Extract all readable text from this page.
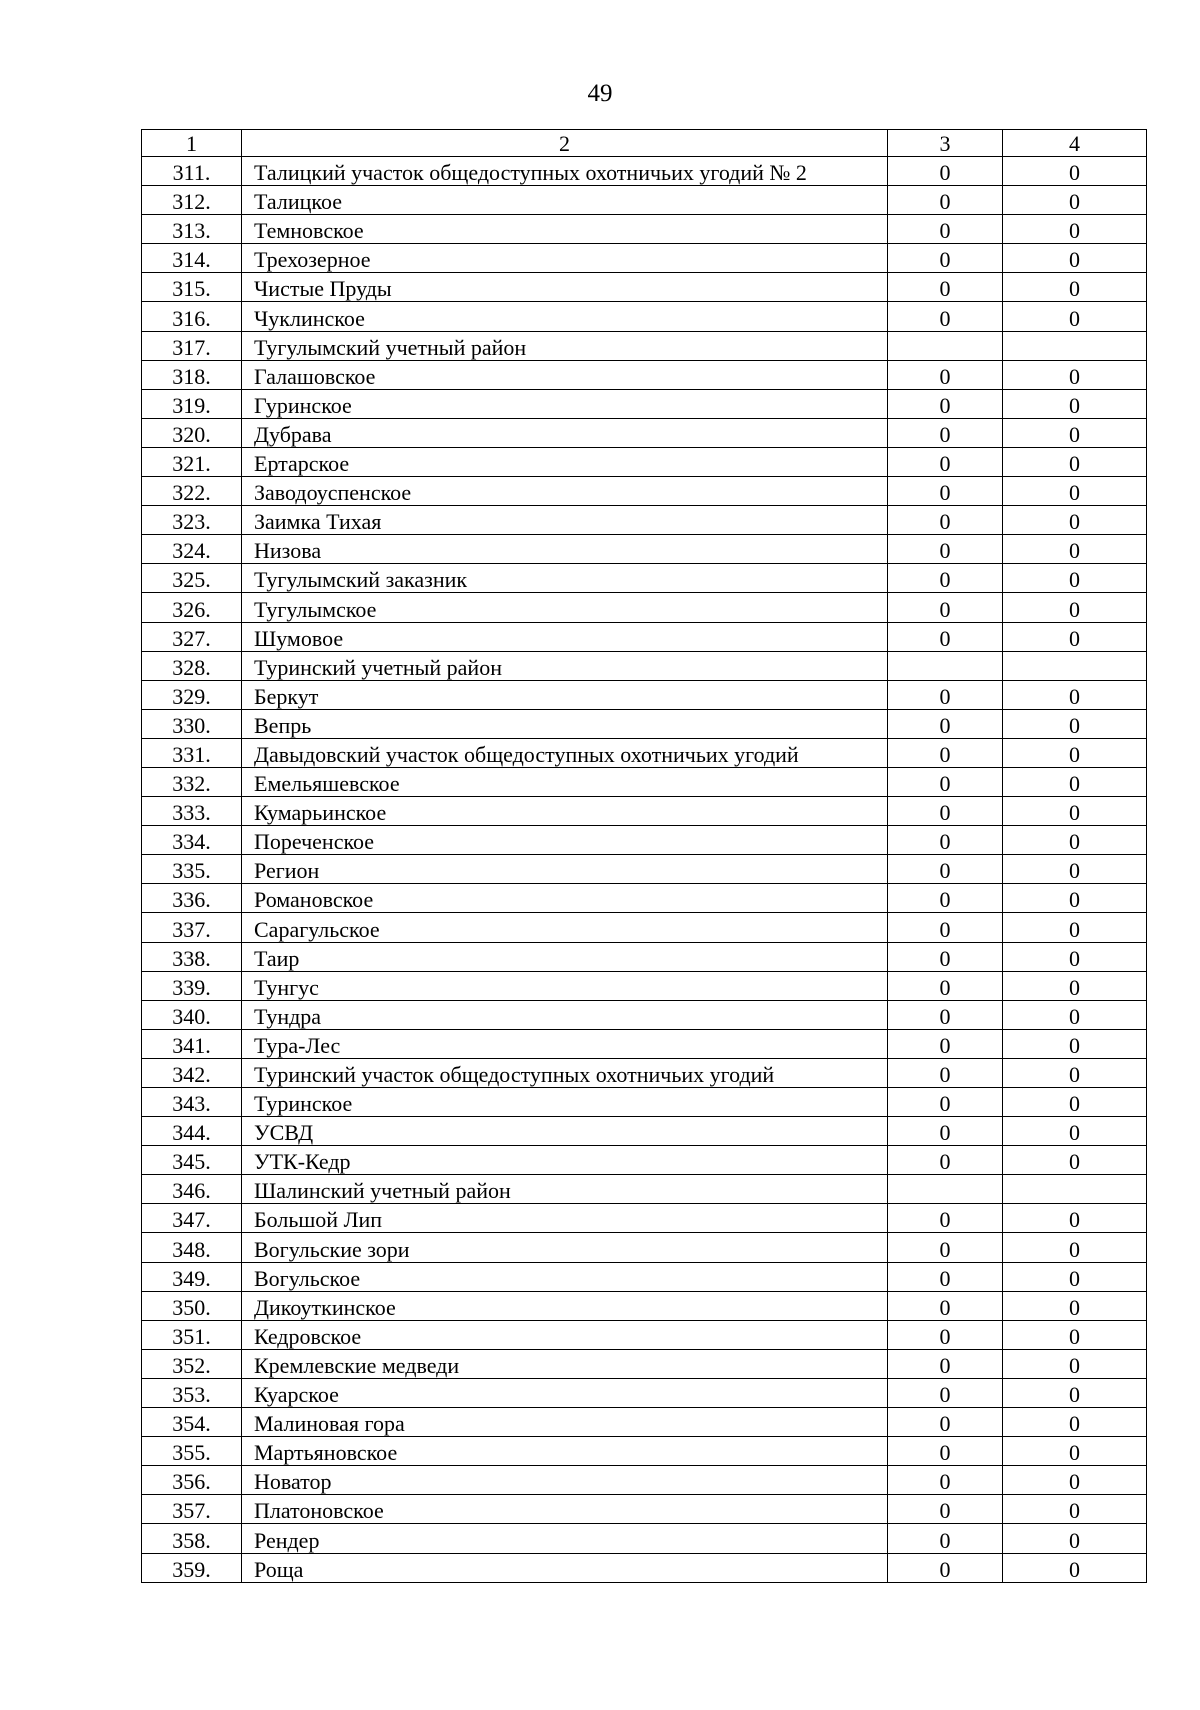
49
1	2	3	4
311.	Талицкий участок общедоступных охотничьих угодий № 2	0	0
312.	Талицкое	0	0
313.	Темновское	0	0
314.	Трехозерное	0	0
315.	Чистые Пруды	0	0
316.	Чуклинское	0	0
317.	Тугулымский учетный район		
318.	Галашовское	0	0
319.	Гуринское	0	0
320.	Дубрава	0	0
321.	Ертарское	0	0
322.	Заводоуспенское	0	0
323.	Заимка Тихая	0	0
324.	Низова	0	0
325.	Тугулымский заказник	0	0
326.	Тугулымское	0	0
327.	Шумовое	0	0
328.	Туринский учетный район		
329.	Беркут	0	0
330.	Вепрь	0	0
331.	Давыдовский участок общедоступных охотничьих угодий	0	0
332.	Емельяшевское	0	0
333.	Кумарьинское	0	0
334.	Пореченское	0	0
335.	Регион	0	0
336.	Романовское	0	0
337.	Сарагульское	0	0
338.	Таир	0	0
339.	Тунгус	0	0
340.	Тундра	0	0
341.	Тура-Лес	0	0
342.	Туринский участок общедоступных охотничьих угодий	0	0
343.	Туринское	0	0
344.	УСВД	0	0
345.	УТК-Кедр	0	0
346.	Шалинский учетный район		
347.	Большой Лип	0	0
348.	Вогульские зори	0	0
349.	Вогульское	0	0
350.	Дикоуткинское	0	0
351.	Кедровское	0	0
352.	Кремлевские медведи	0	0
353.	Куарское	0	0
354.	Малиновая гора	0	0
355.	Мартьяновское	0	0
356.	Новатор	0	0
357.	Платоновское	0	0
358.	Рендер	0	0
359.	Роща	0	0
